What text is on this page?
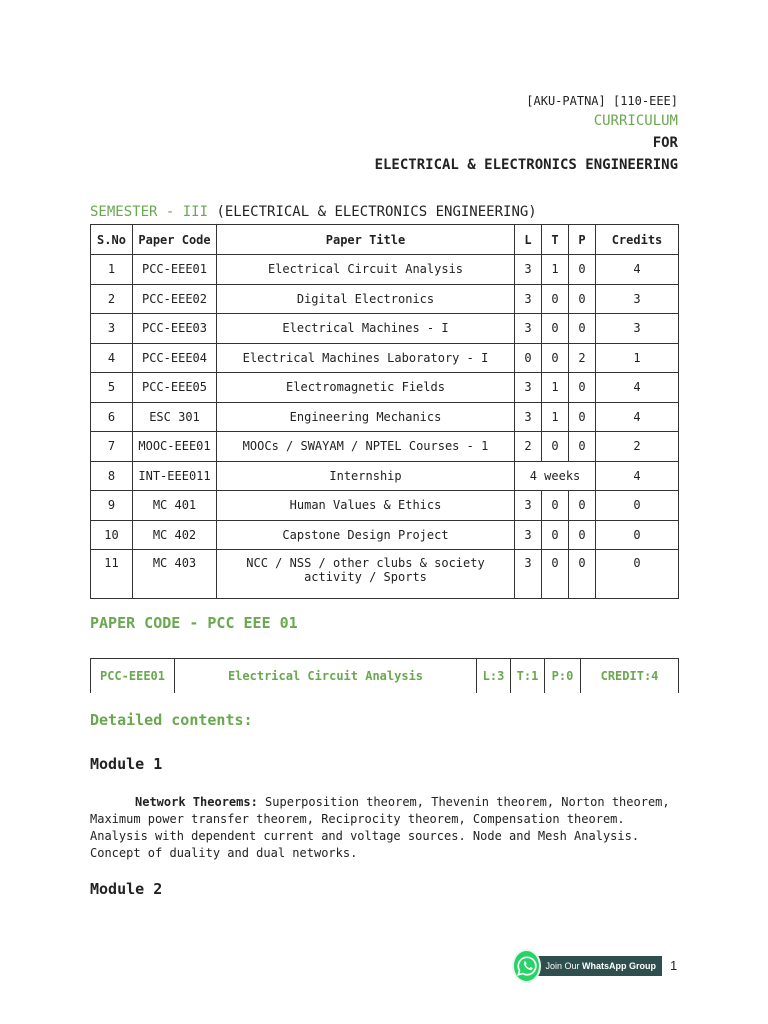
[AKU-PATNA] [110-EEE]
CURRICULUM
FOR
ELECTRICAL & ELECTRONICS ENGINEERING
SEMESTER - III (ELECTRICAL & ELECTRONICS ENGINEERING)
S.No	Paper Code	Paper Title	L	T	P	Credits
1	PCC-EEE01	Electrical Circuit Analysis	3	1	0	4
2	PCC-EEE02	Digital Electronics	3	0	0	3
3	PCC-EEE03	Electrical Machines - I	3	0	0	3
4	PCC-EEE04	Electrical Machines Laboratory - I	0	0	2	1
5	PCC-EEE05	Electromagnetic Fields	3	1	0	4
6	ESC 301	Engineering Mechanics	3	1	0	4
7	MOOC-EEE01	MOOCs / SWAYAM / NPTEL Courses - 1	2	0	0	2
8	INT-EEE011	Internship	4 weeks			4
9	MC 401	Human Values & Ethics	3	0	0	0
10	MC 402	Capstone Design Project	3	0	0	0
11	MC 403	NCC / NSS / other clubs & society activity / Sports	3	0	0	0
PAPER CODE - PCC EEE 01
PCC-EEE01	Electrical Circuit Analysis	L:3	T:1	P:0	CREDIT:4
Detailed contents:
Module 1
Network Theorems: Superposition theorem, Thevenin theorem, Norton theorem, Maximum power transfer theorem, Reciprocity theorem, Compensation theorem. Analysis with dependent current and voltage sources. Node and Mesh Analysis. Concept of duality and dual networks.
Module 2
Join Our WhatsApp Group	1
